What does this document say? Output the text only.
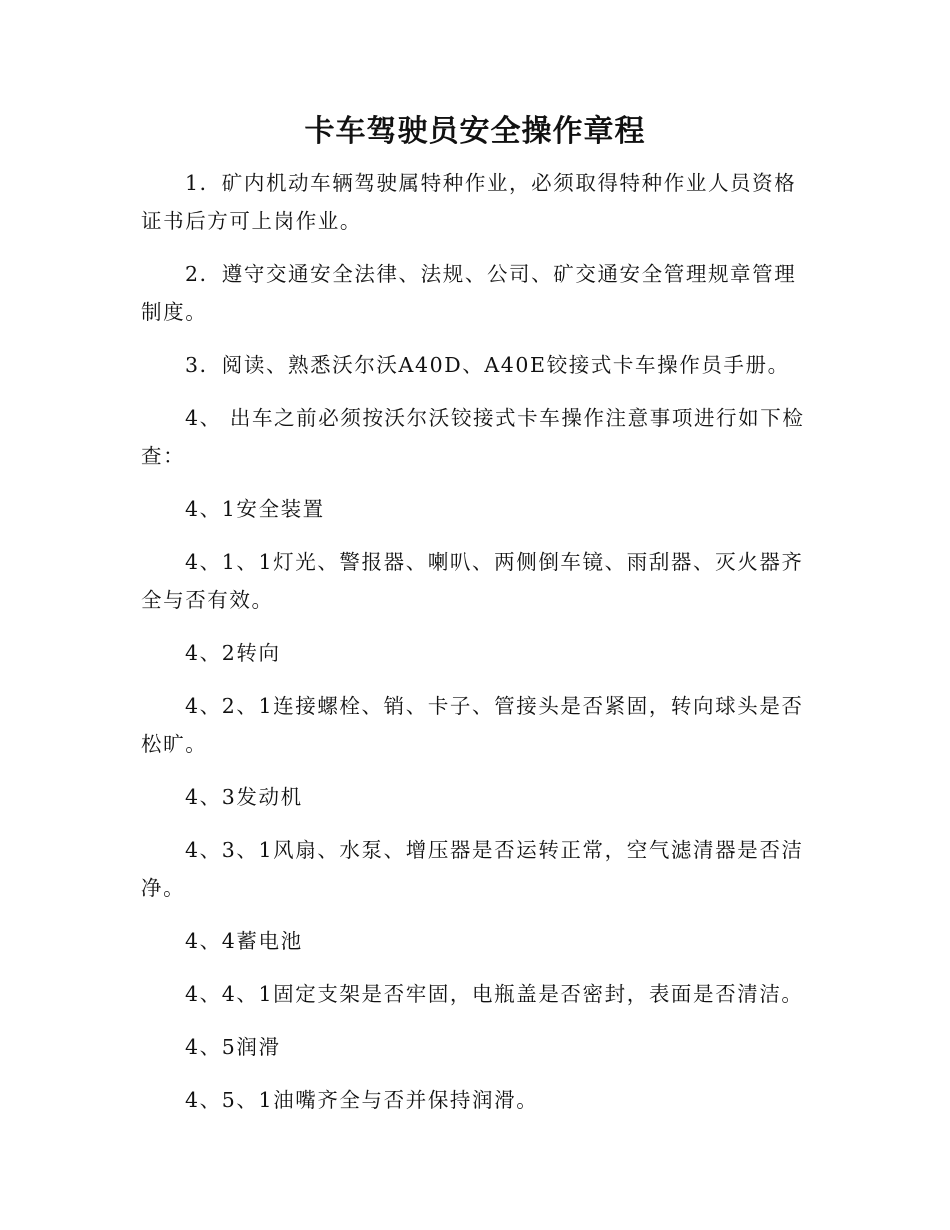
卡车驾驶员安全操作章程

1．矿内机动车辆驾驶属特种作业，必须取得特种作业人员资格证书后方可上岗作业。

2．遵守交通安全法律、法规、公司、矿交通安全管理规章管理制度。

3．阅读、熟悉沃尔沃A40D、A40E铰接式卡车操作员手册。

4、 出车之前必须按沃尔沃铰接式卡车操作注意事项进行如下检查：

4、1安全装置

4、1、1灯光、警报器、喇叭、两侧倒车镜、雨刮器、灭火器齐全与否有效。

4、2转向

4、2、1连接螺栓、销、卡子、管接头是否紧固，转向球头是否松旷。

4、3发动机

4、3、1风扇、水泵、增压器是否运转正常，空气滤清器是否洁净。

4、4蓄电池

4、4、1固定支架是否牢固，电瓶盖是否密封，表面是否清洁。

4、5润滑

4、5、1油嘴齐全与否并保持润滑。
